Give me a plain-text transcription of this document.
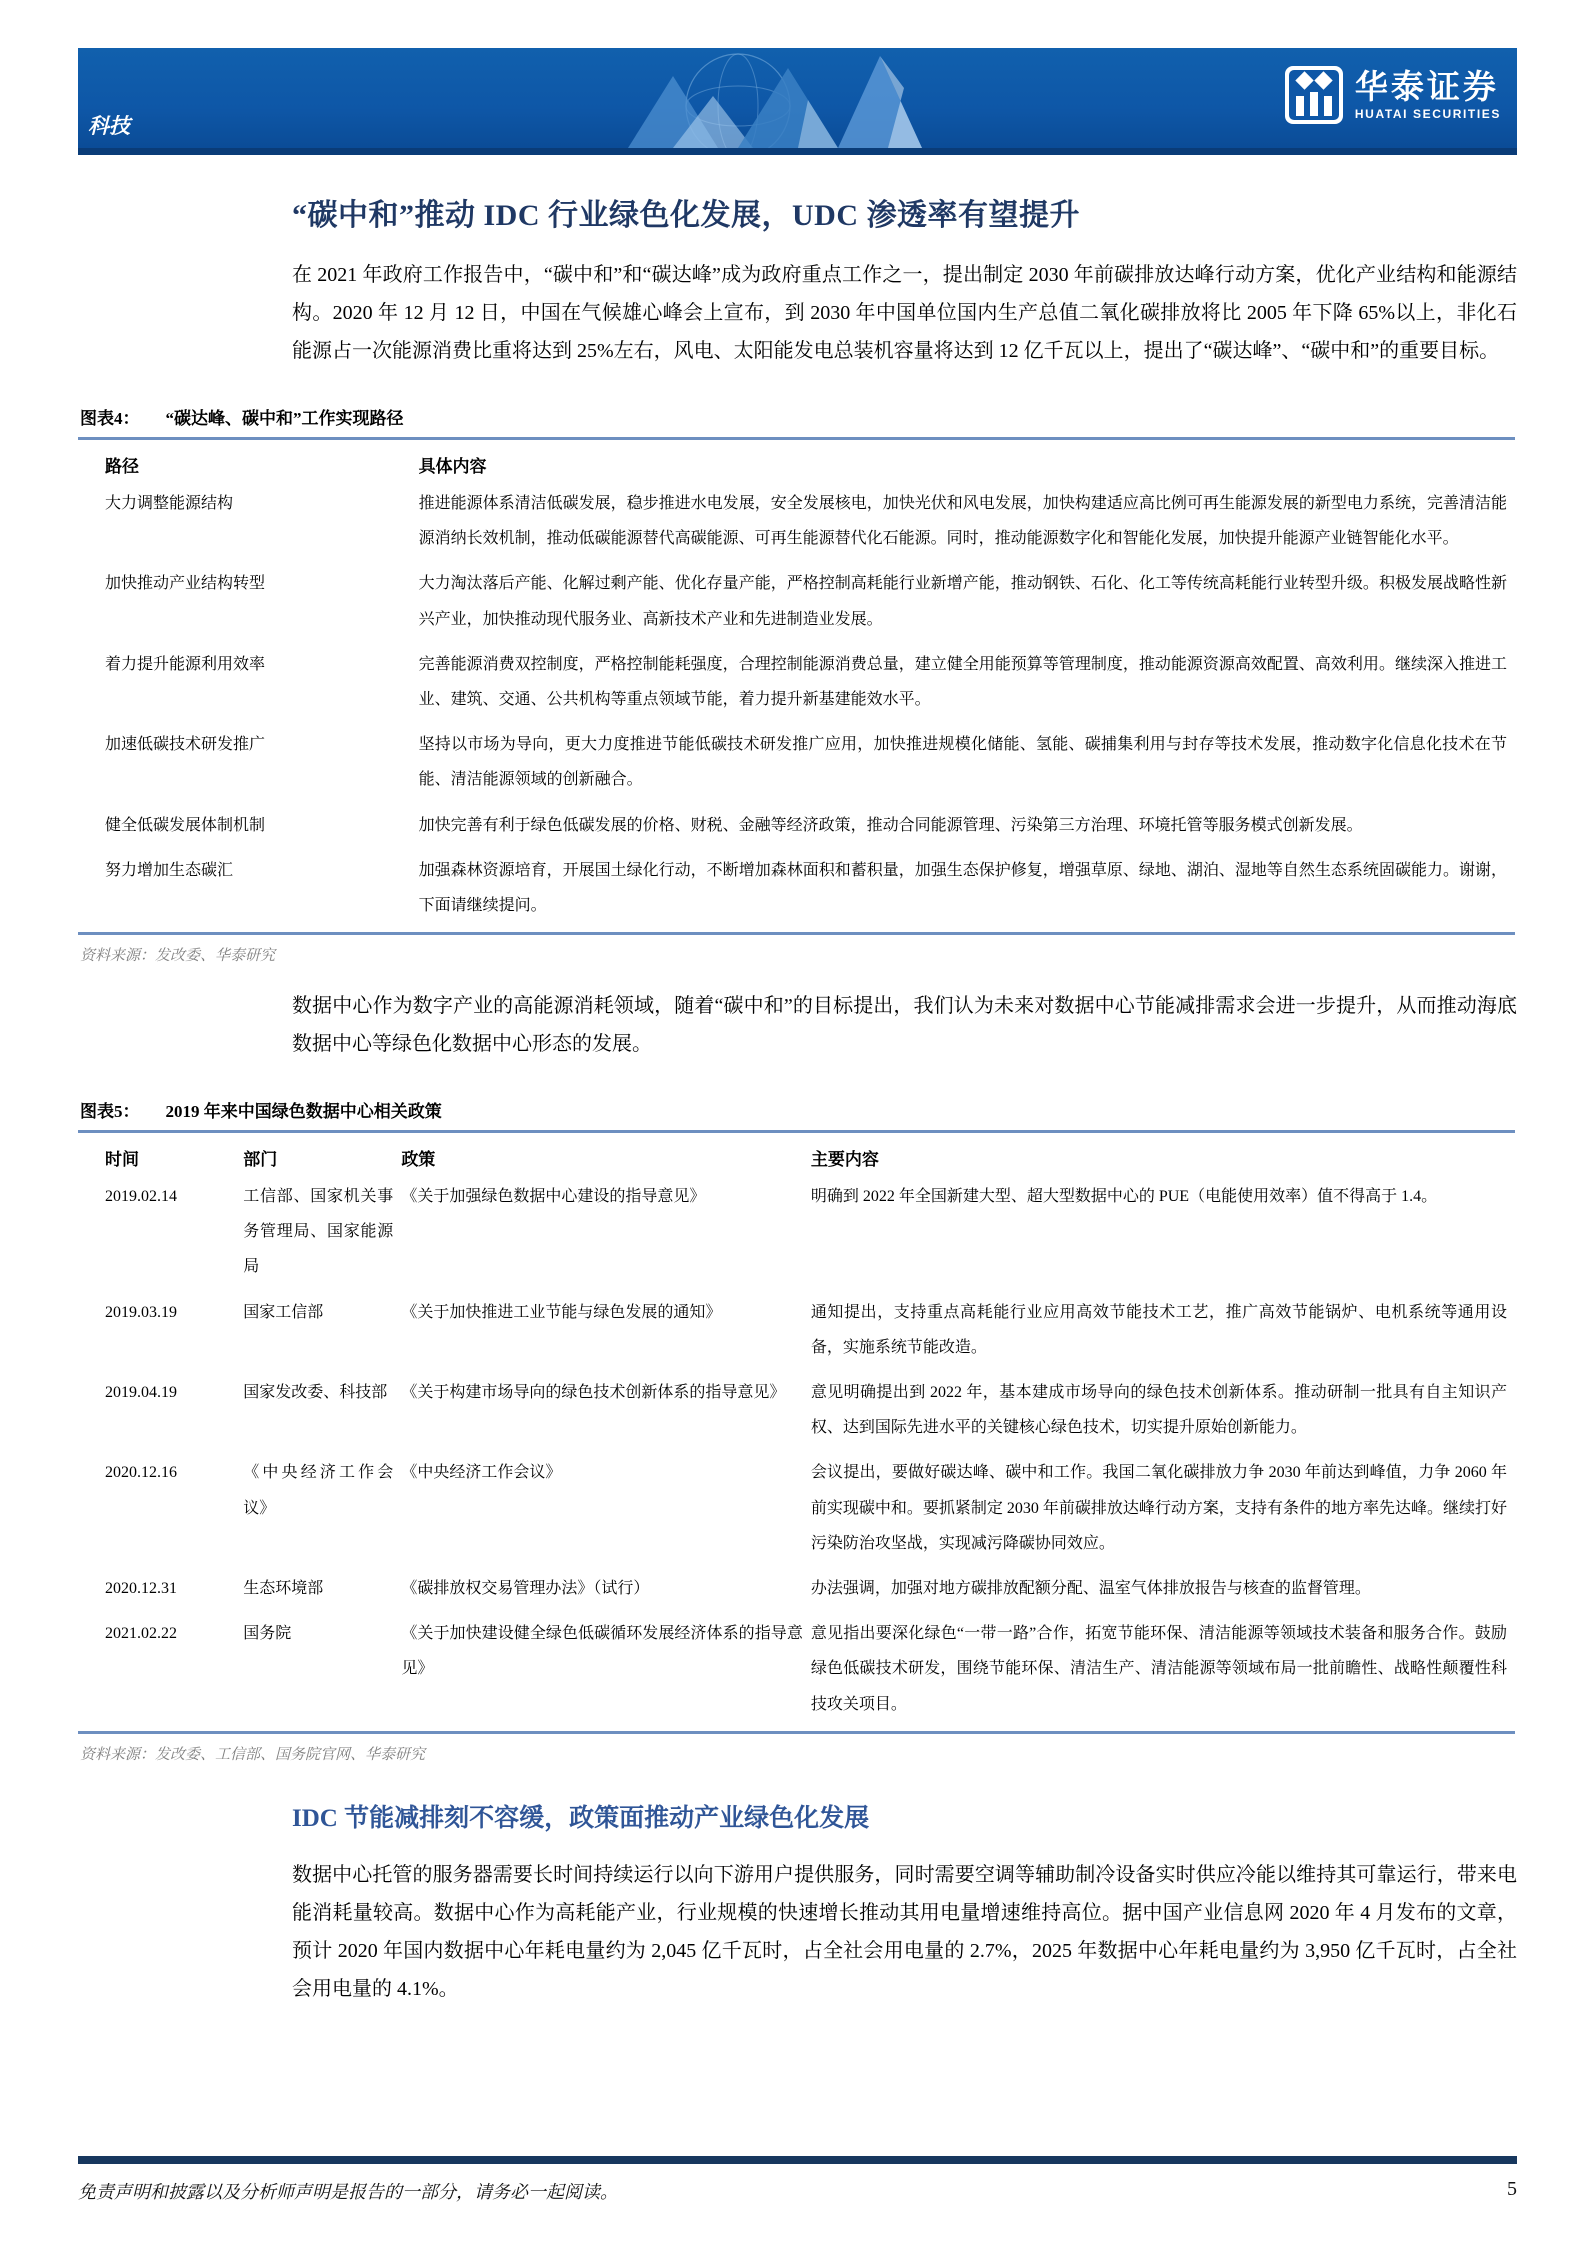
科技
华泰证券
HUATAI SECURITIES
“碳中和”推动 IDC 行业绿色化发展，UDC 渗透率有望提升

在 2021 年政府工作报告中，“碳中和”和“碳达峰”成为政府重点工作之一，提出制定 2030 年前碳排放达峰行动方案，优化产业结构和能源结构。2020 年 12 月 12 日，中国在气候雄心峰会上宣布，到 2030 年中国单位国内生产总值二氧化碳排放将比 2005 年下降 65%以上，非化石能源占一次能源消费比重将达到 25%左右，风电、太阳能发电总装机容量将达到 12 亿千瓦以上，提出了“碳达峰”、“碳中和”的重要目标。

图表4： “碳达峰、碳中和”工作实现路径
路径	具体内容
大力调整能源结构	推进能源体系清洁低碳发展，稳步推进水电发展，安全发展核电，加快光伏和风电发展，加快构建适应高比例可再生能源发展的新型电力系统，完善清洁能源消纳长效机制，推动低碳能源替代高碳能源、可再生能源替代化石能源。同时，推动能源数字化和智能化发展，加快提升能源产业链智能化水平。
加快推动产业结构转型	大力淘汰落后产能、化解过剩产能、优化存量产能，严格控制高耗能行业新增产能，推动钢铁、石化、化工等传统高耗能行业转型升级。积极发展战略性新兴产业，加快推动现代服务业、高新技术产业和先进制造业发展。
着力提升能源利用效率	完善能源消费双控制度，严格控制能耗强度，合理控制能源消费总量，建立健全用能预算等管理制度，推动能源资源高效配置、高效利用。继续深入推进工业、建筑、交通、公共机构等重点领域节能，着力提升新基建能效水平。
加速低碳技术研发推广	坚持以市场为导向，更大力度推进节能低碳技术研发推广应用，加快推进规模化储能、氢能、碳捕集利用与封存等技术发展，推动数字化信息化技术在节能、清洁能源领域的创新融合。
健全低碳发展体制机制	加快完善有利于绿色低碳发展的价格、财税、金融等经济政策，推动合同能源管理、污染第三方治理、环境托管等服务模式创新发展。
努力增加生态碳汇	加强森林资源培育，开展国土绿化行动，不断增加森林面积和蓄积量，加强生态保护修复，增强草原、绿地、湖泊、湿地等自然生态系统固碳能力。谢谢，下面请继续提问。
资料来源：发改委、华泰研究

数据中心作为数字产业的高能源消耗领域，随着“碳中和”的目标提出，我们认为未来对数据中心节能减排需求会进一步提升，从而推动海底数据中心等绿色化数据中心形态的发展。

图表5： 2019 年来中国绿色数据中心相关政策
时间	部门	政策	主要内容
2019.02.14	工信部、国家机关事务管理局、国家能源局	《关于加强绿色数据中心建设的指导意见》	明确到 2022 年全国新建大型、超大型数据中心的 PUE（电能使用效率）值不得高于 1.4。
2019.03.19	国家工信部	《关于加快推进工业节能与绿色发展的通知》	通知提出，支持重点高耗能行业应用高效节能技术工艺，推广高效节能锅炉、电机系统等通用设备，实施系统节能改造。
2019.04.19	国家发改委、科技部	《关于构建市场导向的绿色技术创新体系的指导意见》	意见明确提出到 2022 年，基本建成市场导向的绿色技术创新体系。推动研制一批具有自主知识产权、达到国际先进水平的关键核心绿色技术，切实提升原始创新能力。
2020.12.16	《中央经济工作会议》	《中央经济工作会议》	会议提出，要做好碳达峰、碳中和工作。我国二氧化碳排放力争 2030 年前达到峰值，力争 2060 年前实现碳中和。要抓紧制定 2030 年前碳排放达峰行动方案，支持有条件的地方率先达峰。继续打好污染防治攻坚战，实现减污降碳协同效应。
2020.12.31	生态环境部	《碳排放权交易管理办法》（试行）	办法强调，加强对地方碳排放配额分配、温室气体排放报告与核查的监督管理。
2021.02.22	国务院	《关于加快建设健全绿色低碳循环发展经济体系的指导意见》	意见指出要深化绿色“一带一路”合作，拓宽节能环保、清洁能源等领域技术装备和服务合作。鼓励绿色低碳技术研发，围绕节能环保、清洁生产、清洁能源等领域布局一批前瞻性、战略性颠覆性科技攻关项目。
资料来源：发改委、工信部、国务院官网、华泰研究
IDC 节能减排刻不容缓，政策面推动产业绿色化发展

数据中心托管的服务器需要长时间持续运行以向下游用户提供服务，同时需要空调等辅助制冷设备实时供应冷能以维持其可靠运行，带来电能消耗量较高。数据中心作为高耗能产业，行业规模的快速增长推动其用电量增速维持高位。据中国产业信息网 2020 年 4 月发布的文章，预计 2020 年国内数据中心年耗电量约为 2,045 亿千瓦时，占全社会用电量的 2.7%，2025 年数据中心年耗电量约为 3,950 亿千瓦时，占全社会用电量的 4.1%。

免责声明和披露以及分析师声明是报告的一部分，请务必一起阅读。	5
